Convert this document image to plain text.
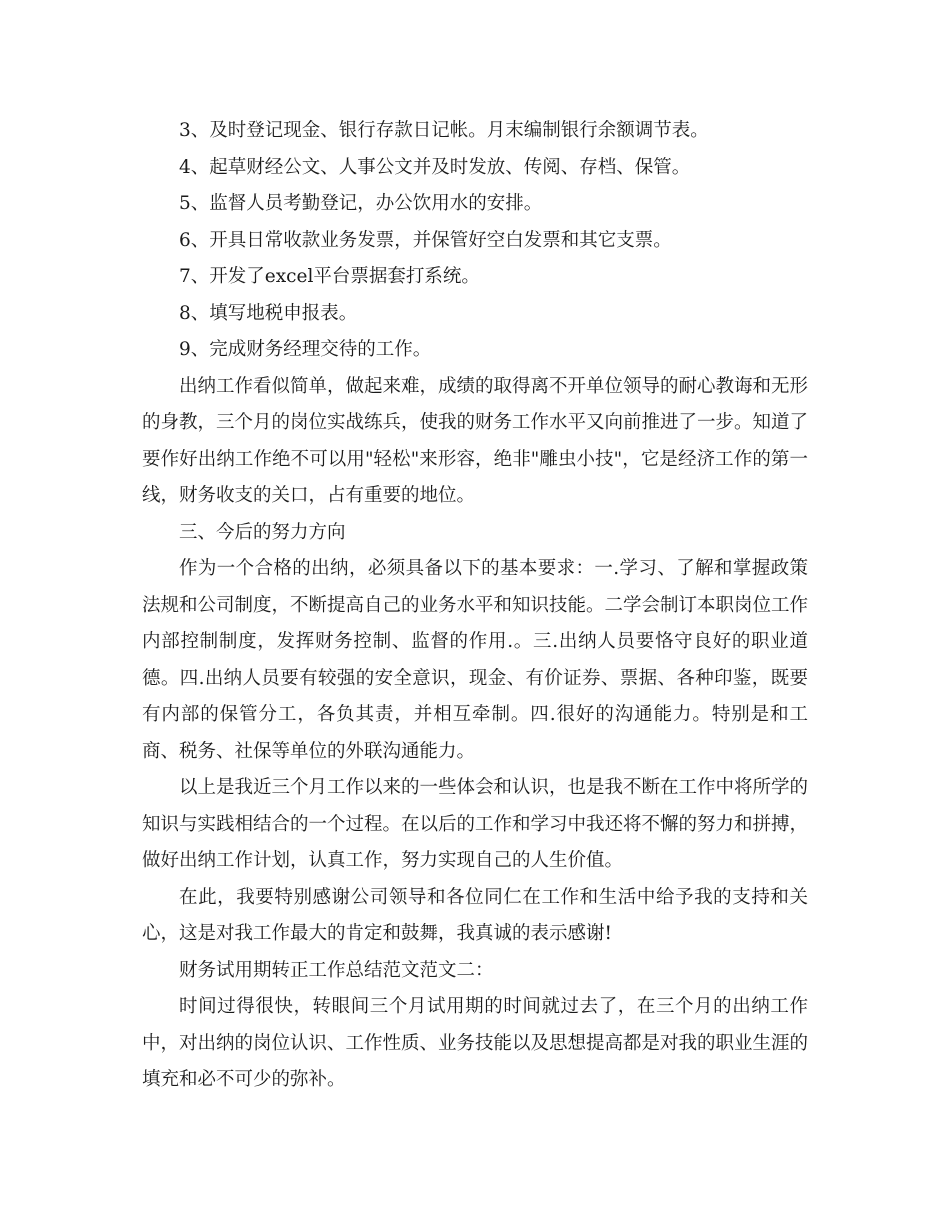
3、及时登记现金、银行存款日记帐。月末编制银行余额调节表。

4、起草财经公文、人事公文并及时发放、传阅、存档、保管。

5、监督人员考勤登记，办公饮用水的安排。

6、开具日常收款业务发票，并保管好空白发票和其它支票。

7、开发了excel平台票据套打系统。

8、填写地税申报表。

9、完成财务经理交待的工作。

出纳工作看似简单，做起来难，成绩的取得离不开单位领导的耐心教诲和无形的身教，三个月的岗位实战练兵，使我的财务工作水平又向前推进了一步。知道了要作好出纳工作绝不可以用"轻松"来形容，绝非"雕虫小技"，它是经济工作的第一线，财务收支的关口，占有重要的地位。

三、今后的努力方向

作为一个合格的出纳，必须具备以下的基本要求：一.学习、了解和掌握政策法规和公司制度，不断提高自己的业务水平和知识技能。二学会制订本职岗位工作内部控制制度，发挥财务控制、监督的作用.。三.出纳人员要恪守良好的职业道德。四.出纳人员要有较强的安全意识，现金、有价证券、票据、各种印鉴，既要有内部的保管分工，各负其责，并相互牵制。四.很好的沟通能力。特别是和工商、税务、社保等单位的外联沟通能力。

以上是我近三个月工作以来的一些体会和认识，也是我不断在工作中将所学的知识与实践相结合的一个过程。在以后的工作和学习中我还将不懈的努力和拼搏，做好出纳工作计划，认真工作，努力实现自己的人生价值。

在此，我要特别感谢公司领导和各位同仁在工作和生活中给予我的支持和关心，这是对我工作最大的肯定和鼓舞，我真诚的表示感谢!

财务试用期转正工作总结范文范文二：

时间过得很快，转眼间三个月试用期的时间就过去了，在三个月的出纳工作中，对出纳的岗位认识、工作性质、业务技能以及思想提高都是对我的职业生涯的填充和必不可少的弥补。
